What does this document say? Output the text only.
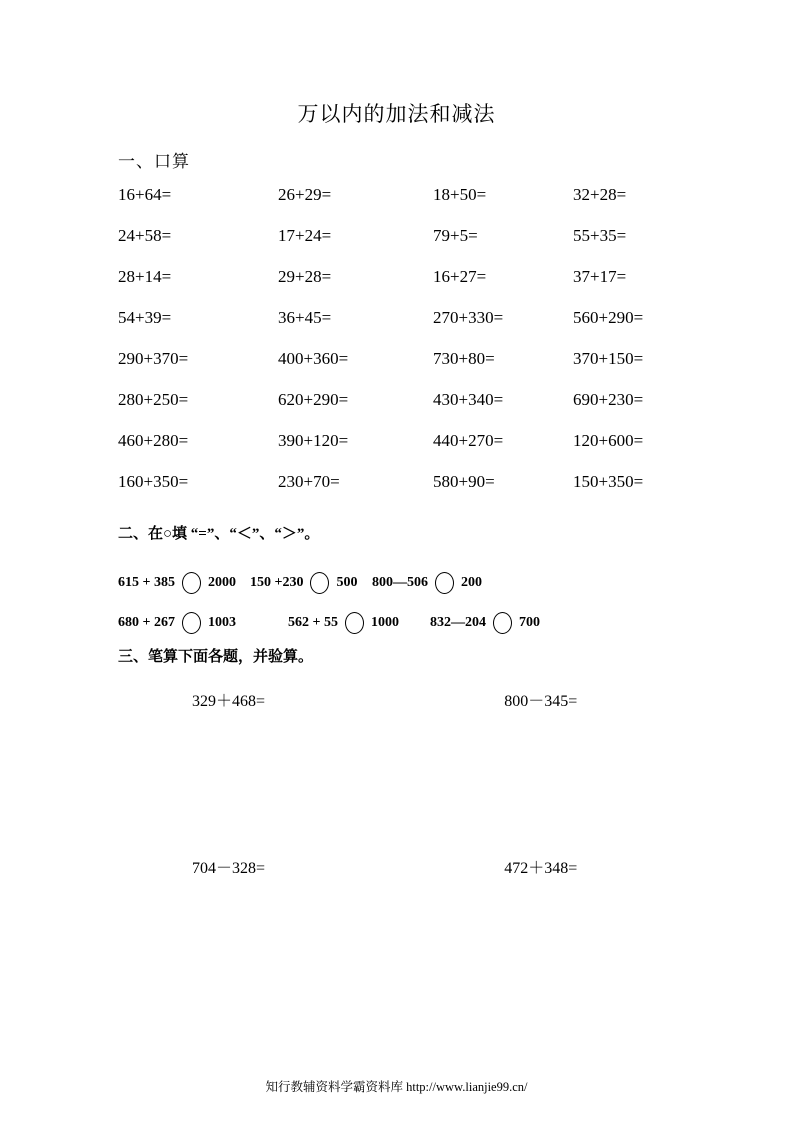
万以内的加法和减法
一、口算
16+64=	26+29=	18+50=	32+28=
24+58=	17+24=	79+5=	55+35=
28+14=	29+28=	16+27=	37+17=
54+39=	36+45=	270+330=	560+290=
290+370=	400+360=	730+80=	370+150=
280+250=	620+290=	430+340=	690+230=
460+280=	390+120=	440+270=	120+600=
160+350=	230+70=	580+90=	150+350=
二、在○填 “=”、“＜”、“＞”。
615 + 385 2000 150 +230 500 800—506 200
680 + 267 1003	562 + 55 1000 832—204 700
三、笔算下面各题，并验算。
329＋468=	800－345=
704－328=	472＋348=
知行教辅资料学霸资料库 http://www.lianjie99.cn/
